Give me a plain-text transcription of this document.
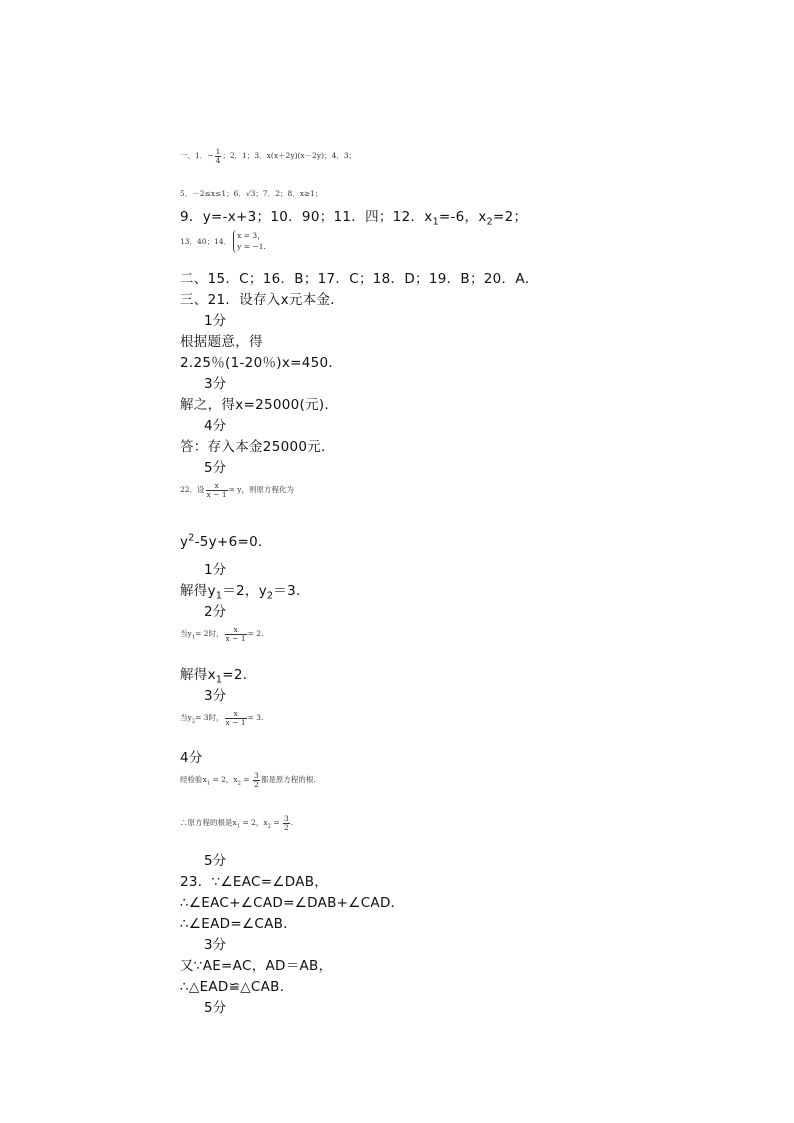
一、1．− $\frac{1}{4}$ ；2．1；3．x(x＋2y)(x－2y)；4．3；
5．－2≤x≤1；6．√3；7．2；8．x≥1；
9．y=-x+3；10．90；11．四；12．$x_1=-6$，$x_2=2$；
13．40；14．x = 3，
y = −1.
二、15．C；16．B；17．C；18．D；19．B；20．A．
三、21．设存入x元本金．
1分
根据题意，得
2.25％(1-20％)x=450．
3分
解之，得x=25000(元)．
4分
答：存入本金25000元．
5分
22．设 $\frac{x}{x - 1} = y$，则原方程化为
$y^2-5y+6=0$．
1分
解得$y_1=2$，$y_2=3$．
2分
当$y_1= 2$时， $\frac{x}{x - 1} = 2$.
解得$x_1=2$．
3分
当$y_2= 3$时， $\frac{x}{x - 1} = 3$.
4分
经检验$x_1 = 2$，$x_2 = \frac{3}{2}$ 都是原方程的根.
∴原方程的根是$x_1 = 2$，$x_2 = \frac{3}{2}$ .
5分
23．∵∠EAC=∠DAB，
∴∠EAC+∠CAD=∠DAB+∠CAD．
∴∠EAD=∠CAB．
3分
又∵AE=AC，AD＝AB，
∴△EAD≌△CAB．
5分
